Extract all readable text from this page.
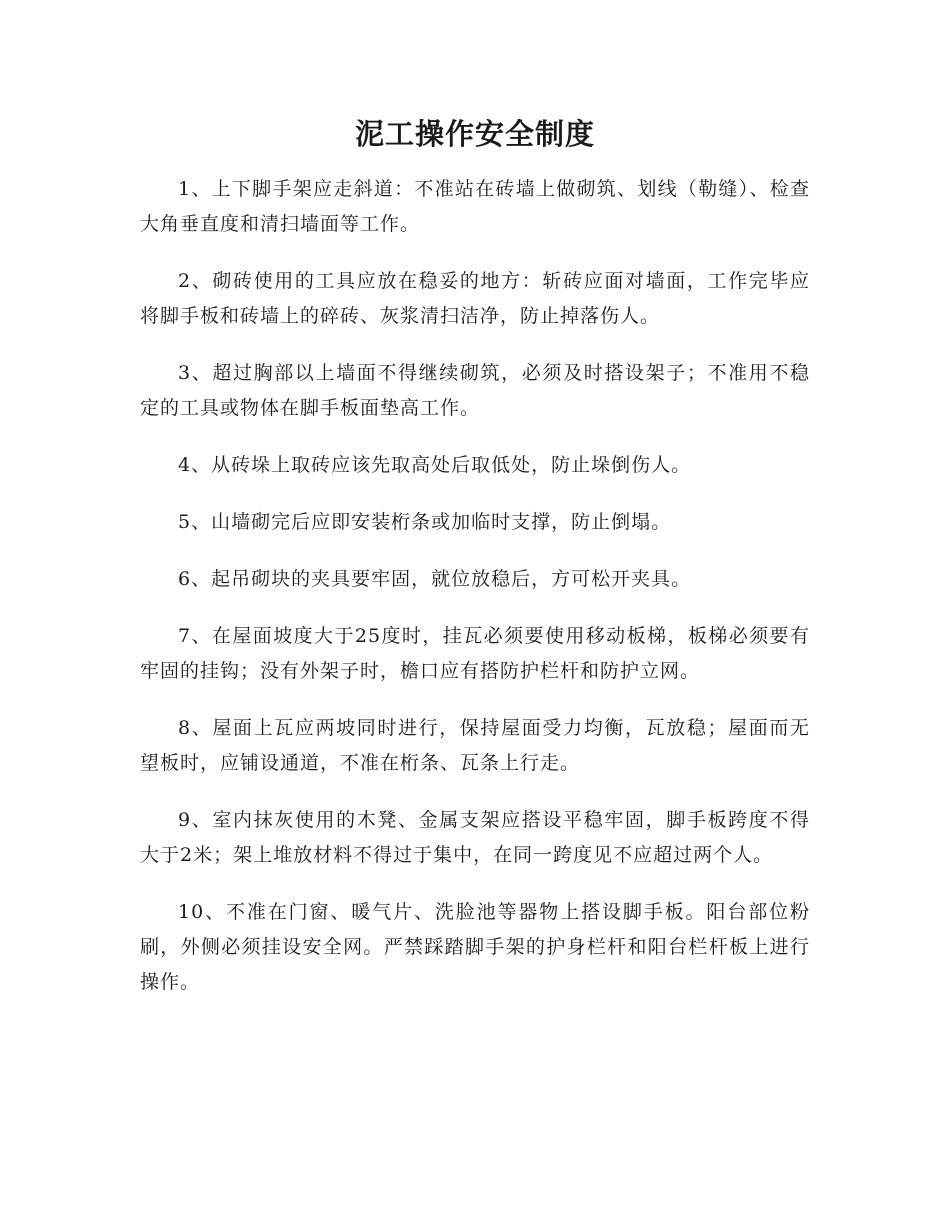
泥工操作安全制度

1、上下脚手架应走斜道：不准站在砖墙上做砌筑、划线（勒缝）、检查大角垂直度和清扫墙面等工作。

2、砌砖使用的工具应放在稳妥的地方：斩砖应面对墙面，工作完毕应将脚手板和砖墙上的碎砖、灰浆清扫洁净，防止掉落伤人。

3、超过胸部以上墙面不得继续砌筑，必须及时搭设架子；不准用不稳定的工具或物体在脚手板面垫高工作。

4、从砖垛上取砖应该先取高处后取低处，防止垛倒伤人。

5、山墙砌完后应即安装桁条或加临时支撑，防止倒塌。

6、起吊砌块的夹具要牢固，就位放稳后，方可松开夹具。

7、在屋面坡度大于25度时，挂瓦必须要使用移动板梯，板梯必须要有牢固的挂钩；没有外架子时，檐口应有搭防护栏杆和防护立网。

8、屋面上瓦应两坡同时进行，保持屋面受力均衡，瓦放稳；屋面而无望板时，应铺设通道，不准在桁条、瓦条上行走。

9、室内抹灰使用的木凳、金属支架应搭设平稳牢固，脚手板跨度不得大于2米；架上堆放材料不得过于集中，在同一跨度见不应超过两个人。

10、不准在门窗、暖气片、洗脸池等器物上搭设脚手板。阳台部位粉刷，外侧必须挂设安全网。严禁踩踏脚手架的护身栏杆和阳台栏杆板上进行操作。
